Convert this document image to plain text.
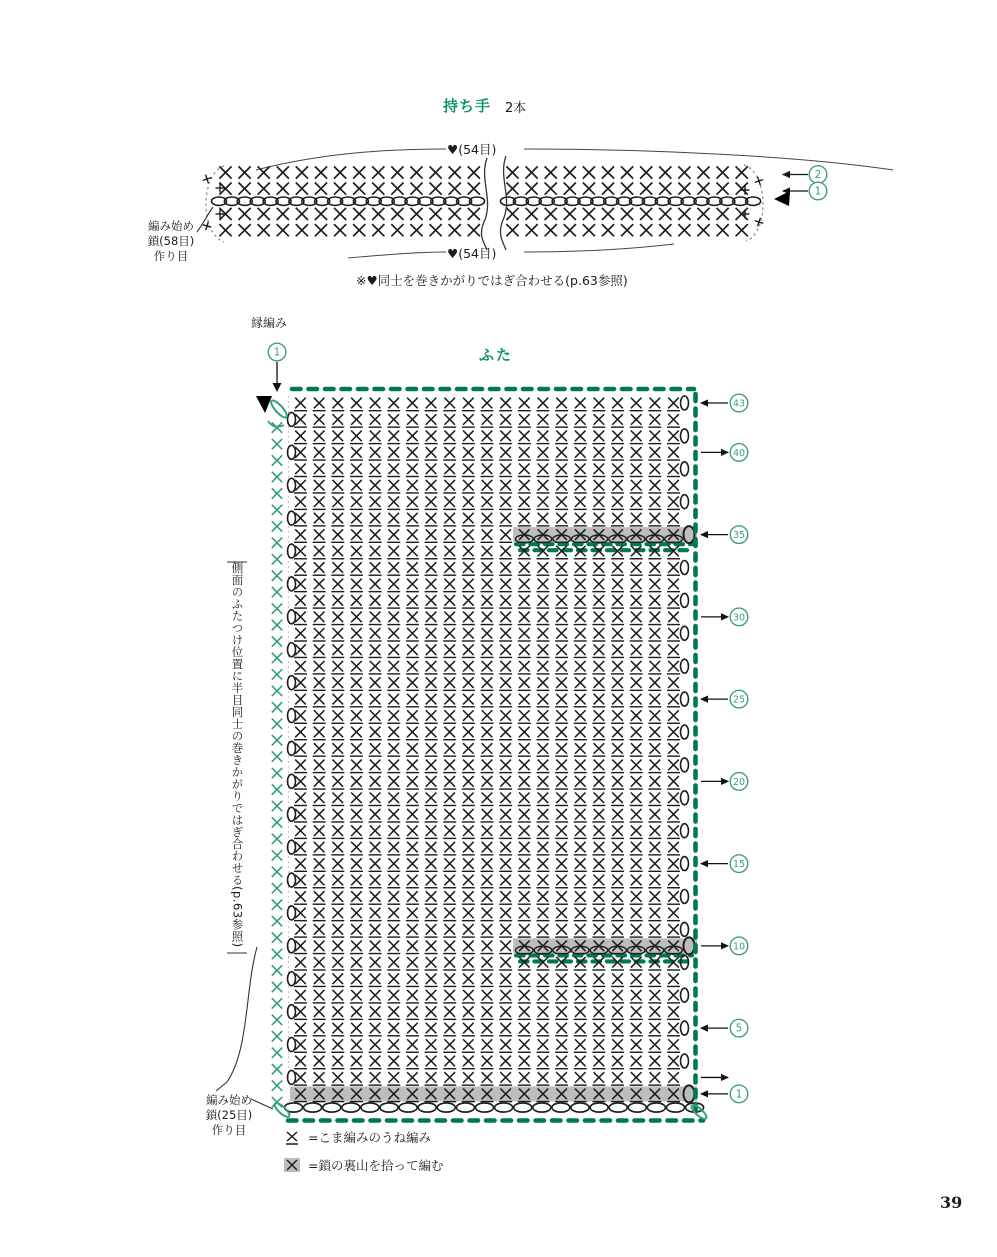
2
1
1
43
40
35
30
25
20
15
10
5
1
持ち手 2本
♥(54目)
♥(54目)
編み始め
鎖(58目)
作り目
※♥同士を巻きかがりではぎ合わせる(p.63参照)
縁編み
ふた
側面のふたつけ位置に半目同士の巻きかがりではぎ合わせる(p.63参照)
編み始め
鎖(25目)
作り目
=こま編みのうね編み
=鎖の裏山を拾って編む
39
